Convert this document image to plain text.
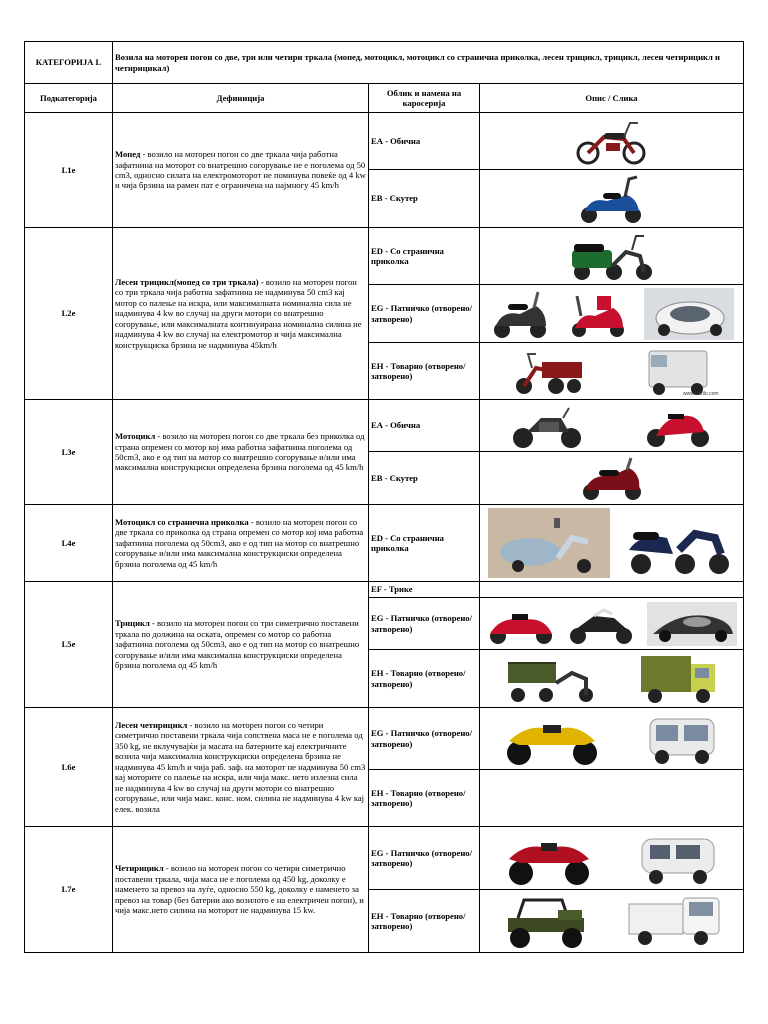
КАТЕГОРИЈА L	Возила на моторен погон со две, три или четири тркала (мопед, мотоцикл, мотоцикл со странична приколка, лесен трицикл, трицикл, лесен четирицикл и четирицикал)		
Подкатегорија	Дефиниција	Облик и намена на каросерија	Опис / Слика
L1e	Мопед - возило на моторен погон со две тркала чија работна зафатнина на моторот со внатрешно согорување не е поголема од 50 cm3, односно силата на електромоторот не поминува повеќе од 4 kw и чија брзина на рамен пат е ограничена на најмногу 45 km/h	ЕА - Обична	

		ЕВ - Скутер	

L2e	Лесен трицикл(мопед со три тркала) - возило на моторен погон со три тркала чија работна зафатнина не надминува 50 cm3 кај мотор со палење на искра, или максималната номинална сила не надминува 4 kw во случај на други мотори со внатрешно согорување, или максималната континуирана номинална силина не надминува 4 kw во случај на електромотор и чија максимална конструкциска брзина не надминува 45km/h	ЕD - Со странична приколка	

		ЕG - Патничко (отворено/затворено)	

		ЕН - Товарно (отворено/затворено)	www.vozilo.com

L3e	Мотоцикл - возило на моторен погон со две тркала без приколка од страна опремен со мотор кој има работна зафатнина поголема од 50cm3, ако е од тип на мотор со внатрешно согорување и/или има максимална конструкциски определена брзина поголема од 45 km/h	ЕА - Обична	

		ЕВ - Скутер	

L4e	Мотоцикл со странична приколка - возило на моторен погон со две тркала со приколка од страна опремен со мотор кој има работна зафатнина поголема од 50cm3, ако е од тип на мотор со внатрешно согорување и/или има максимална конструкциски определена брзина поголема од 45 km/h	ЕD - Со странична приколка	

L5e	Трицикл - возило на моторен погон со три симетрично поставени тркала по должина на оската, опремен со мотор со работна зафатнина поголема од 50cm3, ако е од тип на мотор со внатрешно согорување и/или има максимална конструкциски определена брзина поголема од 45 km/h	ЕF - Трике	
		ЕG - Патничко (отворено/затворено)	

		ЕН - Товарно (отворено/затворено)	

L6e	Лесен четирицикл - возило на моторен погон со четири симетрично поставени тркала чија сопствена маса не е поголема од 350 kg, не вклучувајќи ја масата на батериите кај електричните возила чија максимална конструкциски определена брзина не надминува 45 km/h и чија раб. заф. на моторот не надминува 50 cm3 кај моторите со палење на искра, или чија макс. нето излезна сила не надминува 4 kw во случај на други мотори со внатрешно согорување, или чија макс. конс. ном. силина не надминува 4 kw кај елек. возила	ЕG - Патничко (отворено/затворено)	

		ЕН - Товарно (отворено/затворено)	
L7e	Четирицикл - возило на моторен погон со четири симетрично поставени тркала, чија маса не е поголема од 450 kg, доколку е наменето за превоз на луѓе, односно 550 kg, доколку е наменето за превоз на товар (без батерии ако возилото е на електричен погон), и чија макс.нето силина на моторот не надминува 15 kw.	ЕG - Патничко (отворено/затворено)	

		ЕН - Товарно (отворено/затворено)	
